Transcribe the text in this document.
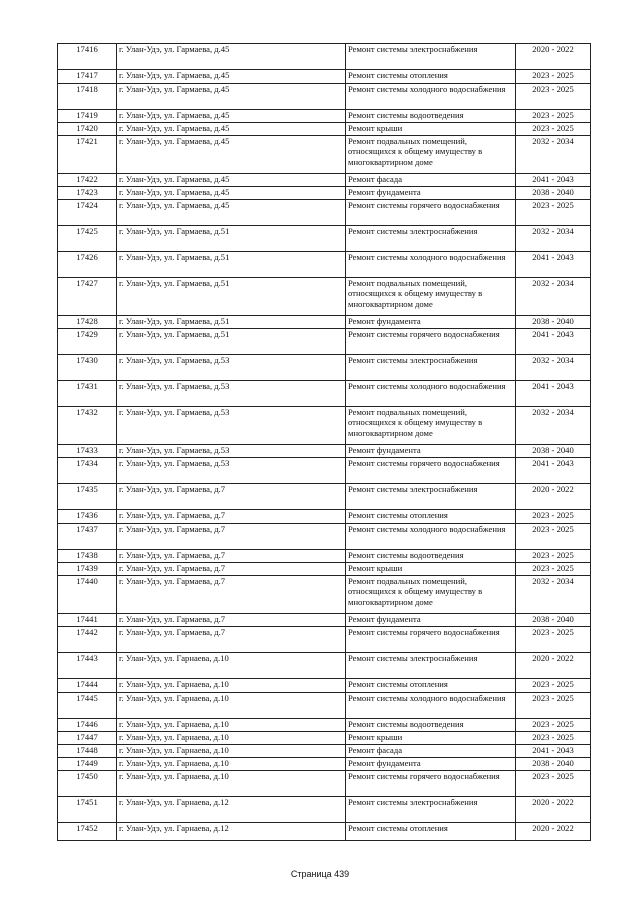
17416	г. Улан-Удэ, ул. Гармаева, д.45	Ремонт системы электроснабжения	2020 - 2022
17417	г. Улан-Удэ, ул. Гармаева, д.45	Ремонт системы отопления	2023 - 2025
17418	г. Улан-Удэ, ул. Гармаева, д.45	Ремонт системы холодного водоснабжения	2023 - 2025
17419	г. Улан-Удэ, ул. Гармаева, д.45	Ремонт системы водоотведения	2023 - 2025
17420	г. Улан-Удэ, ул. Гармаева, д.45	Ремонт крыши	2023 - 2025
17421	г. Улан-Удэ, ул. Гармаева, д.45	Ремонт подвальных помещений, относящихся к общему имуществу в многоквартирном доме	2032 - 2034
17422	г. Улан-Удэ, ул. Гармаева, д.45	Ремонт фасада	2041 - 2043
17423	г. Улан-Удэ, ул. Гармаева, д.45	Ремонт фундамента	2038 - 2040
17424	г. Улан-Удэ, ул. Гармаева, д.45	Ремонт системы горячего водоснабжения	2023 - 2025
17425	г. Улан-Удэ, ул. Гармаева, д.51	Ремонт системы электроснабжения	2032 - 2034
17426	г. Улан-Удэ, ул. Гармаева, д.51	Ремонт системы холодного водоснабжения	2041 - 2043
17427	г. Улан-Удэ, ул. Гармаева, д.51	Ремонт подвальных помещений, относящихся к общему имуществу в многоквартирном доме	2032 - 2034
17428	г. Улан-Удэ, ул. Гармаева, д.51	Ремонт фундамента	2038 - 2040
17429	г. Улан-Удэ, ул. Гармаева, д.51	Ремонт системы горячего водоснабжения	2041 - 2043
17430	г. Улан-Удэ, ул. Гармаева, д.53	Ремонт системы электроснабжения	2032 - 2034
17431	г. Улан-Удэ, ул. Гармаева, д.53	Ремонт системы холодного водоснабжения	2041 - 2043
17432	г. Улан-Удэ, ул. Гармаева, д.53	Ремонт подвальных помещений, относящихся к общему имуществу в многоквартирном доме	2032 - 2034
17433	г. Улан-Удэ, ул. Гармаева, д.53	Ремонт фундамента	2038 - 2040
17434	г. Улан-Удэ, ул. Гармаева, д.53	Ремонт системы горячего водоснабжения	2041 - 2043
17435	г. Улан-Удэ, ул. Гармаева, д.7	Ремонт системы электроснабжения	2020 - 2022
17436	г. Улан-Удэ, ул. Гармаева, д.7	Ремонт системы отопления	2023 - 2025
17437	г. Улан-Удэ, ул. Гармаева, д.7	Ремонт системы холодного водоснабжения	2023 - 2025
17438	г. Улан-Удэ, ул. Гармаева, д.7	Ремонт системы водоотведения	2023 - 2025
17439	г. Улан-Удэ, ул. Гармаева, д.7	Ремонт крыши	2023 - 2025
17440	г. Улан-Удэ, ул. Гармаева, д.7	Ремонт подвальных помещений, относящихся к общему имуществу в многоквартирном доме	2032 - 2034
17441	г. Улан-Удэ, ул. Гармаева, д.7	Ремонт фундамента	2038 - 2040
17442	г. Улан-Удэ, ул. Гармаева, д.7	Ремонт системы горячего водоснабжения	2023 - 2025
17443	г. Улан-Удэ, ул. Гарнаева, д.10	Ремонт системы электроснабжения	2020 - 2022
17444	г. Улан-Удэ, ул. Гарнаева, д.10	Ремонт системы отопления	2023 - 2025
17445	г. Улан-Удэ, ул. Гарнаева, д.10	Ремонт системы холодного водоснабжения	2023 - 2025
17446	г. Улан-Удэ, ул. Гарнаева, д.10	Ремонт системы водоотведения	2023 - 2025
17447	г. Улан-Удэ, ул. Гарнаева, д.10	Ремонт крыши	2023 - 2025
17448	г. Улан-Удэ, ул. Гарнаева, д.10	Ремонт фасада	2041 - 2043
17449	г. Улан-Удэ, ул. Гарнаева, д.10	Ремонт фундамента	2038 - 2040
17450	г. Улан-Удэ, ул. Гарнаева, д.10	Ремонт системы горячего водоснабжения	2023 - 2025
17451	г. Улан-Удэ, ул. Гарнаева, д.12	Ремонт системы электроснабжения	2020 - 2022
17452	г. Улан-Удэ, ул. Гарнаева, д.12	Ремонт системы отопления	2020 - 2022
Страница 439
